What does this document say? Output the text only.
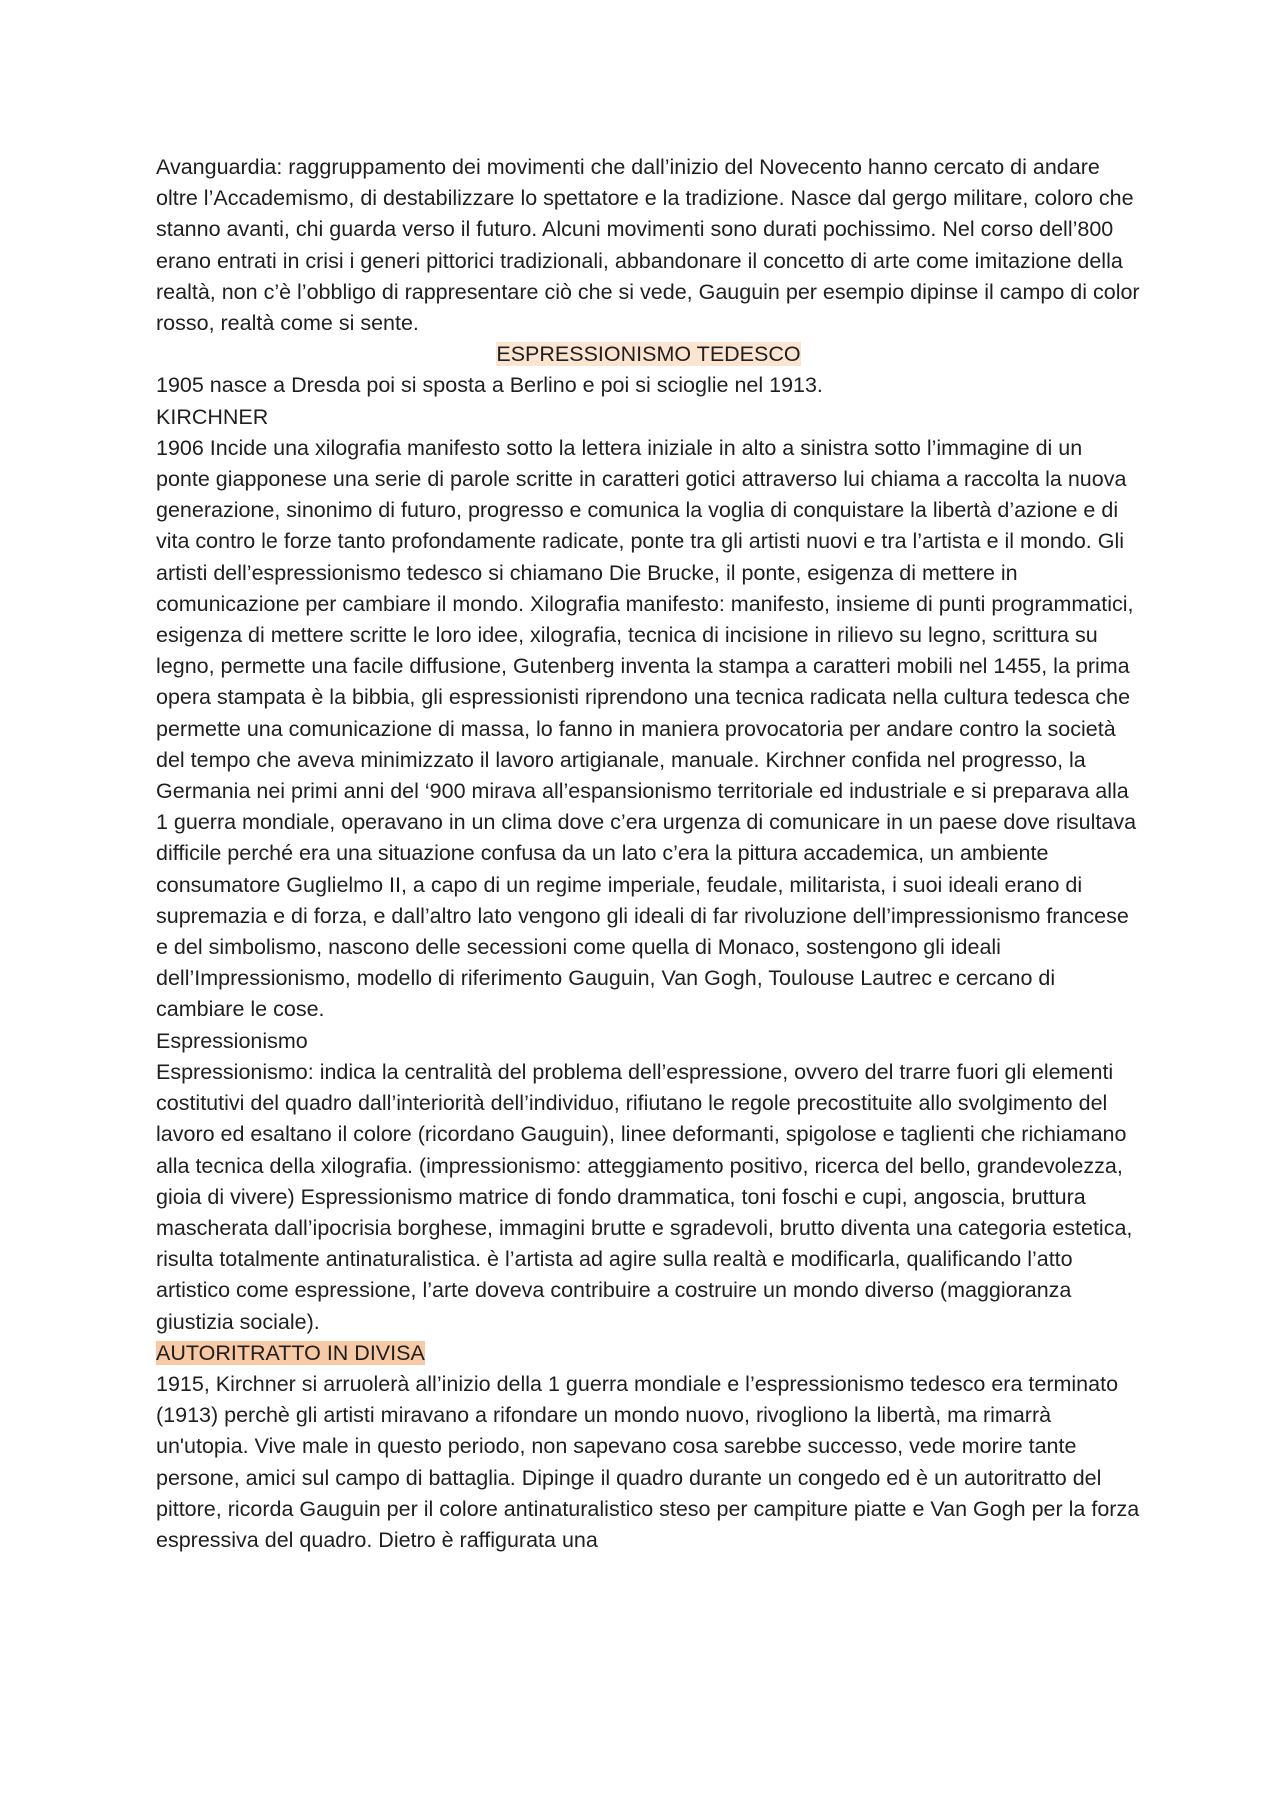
Avanguardia: raggruppamento dei movimenti che dall’inizio del Novecento hanno cercato di andare oltre l’Accademismo, di destabilizzare lo spettatore e la tradizione. Nasce dal gergo militare, coloro che stanno avanti, chi guarda verso il futuro. Alcuni movimenti sono durati pochissimo. Nel corso dell’800 erano entrati in crisi i generi pittorici tradizionali, abbandonare il concetto di arte come imitazione della realtà, non c’è l’obbligo di rappresentare ciò che si vede, Gauguin per esempio dipinse il campo di color rosso, realtà come si sente.

ESPRESSIONISMO TEDESCO

1905 nasce a Dresda poi si sposta a Berlino e poi si scioglie nel 1913.

KIRCHNER

1906 Incide una xilografia manifesto sotto la lettera iniziale in alto a sinistra sotto l’immagine di un ponte giapponese una serie di parole scritte in caratteri gotici attraverso lui chiama a raccolta la nuova generazione, sinonimo di futuro, progresso e comunica la voglia di conquistare la libertà d’azione e di vita contro le forze tanto profondamente radicate, ponte tra gli artisti nuovi e tra l’artista e il mondo. Gli artisti dell’espressionismo tedesco si chiamano Die Brucke, il ponte, esigenza di mettere in comunicazione per cambiare il mondo. Xilografia manifesto: manifesto, insieme di punti programmatici, esigenza di mettere scritte le loro idee, xilografia, tecnica di incisione in rilievo su legno, scrittura su legno, permette una facile diffusione, Gutenberg inventa la stampa a caratteri mobili nel 1455, la prima opera stampata è la bibbia, gli espressionisti riprendono una tecnica radicata nella cultura tedesca che permette una comunicazione di massa, lo fanno in maniera provocatoria per andare contro la società del tempo che aveva minimizzato il lavoro artigianale, manuale. Kirchner confida nel progresso, la Germania nei primi anni del ‘900 mirava all’espansionismo territoriale ed industriale e si preparava alla 1 guerra mondiale, operavano in un clima dove c’era urgenza di comunicare in un paese dove risultava difficile perché era una situazione confusa da un lato c’era la pittura accademica, un ambiente consumatore Guglielmo II, a capo di un regime imperiale, feudale, militarista, i suoi ideali erano di supremazia e di forza, e dall’altro lato vengono gli ideali di far rivoluzione dell’impressionismo francese e del simbolismo, nascono delle secessioni come quella di Monaco, sostengono gli ideali dell’Impressionismo, modello di riferimento Gauguin, Van Gogh, Toulouse Lautrec e cercano di cambiare le cose.

Espressionismo

Espressionismo: indica la centralità del problema dell’espressione, ovvero del trarre fuori gli elementi costitutivi del quadro dall’interiorità dell’individuo, rifiutano le regole precostituite allo svolgimento del lavoro ed esaltano il colore (ricordano Gauguin), linee deformanti, spigolose e taglienti che richiamano alla tecnica della xilografia. (impressionismo: atteggiamento positivo, ricerca del bello, grandevolezza, gioia di vivere) Espressionismo matrice di fondo drammatica, toni foschi e cupi, angoscia, bruttura mascherata dall’ipocrisia borghese, immagini brutte e sgradevoli, brutto diventa una categoria estetica, risulta totalmente antinaturalistica. è l’artista ad agire sulla realtà e modificarla, qualificando l’atto artistico come espressione, l’arte doveva contribuire a costruire un mondo diverso (maggioranza giustizia sociale).

AUTORITRATTO IN DIVISA

1915, Kirchner si arruolerà all’inizio della 1 guerra mondiale e l’espressionismo tedesco era terminato (1913) perchè gli artisti miravano a rifondare un mondo nuovo, rivogliono la libertà, ma rimarrà un'utopia. Vive male in questo periodo, non sapevano cosa sarebbe successo, vede morire tante persone, amici sul campo di battaglia. Dipinge il quadro durante un congedo ed è un autoritratto del pittore, ricorda Gauguin per il colore antinaturalistico steso per campiture piatte e Van Gogh per la forza espressiva del quadro. Dietro è raffigurata una
